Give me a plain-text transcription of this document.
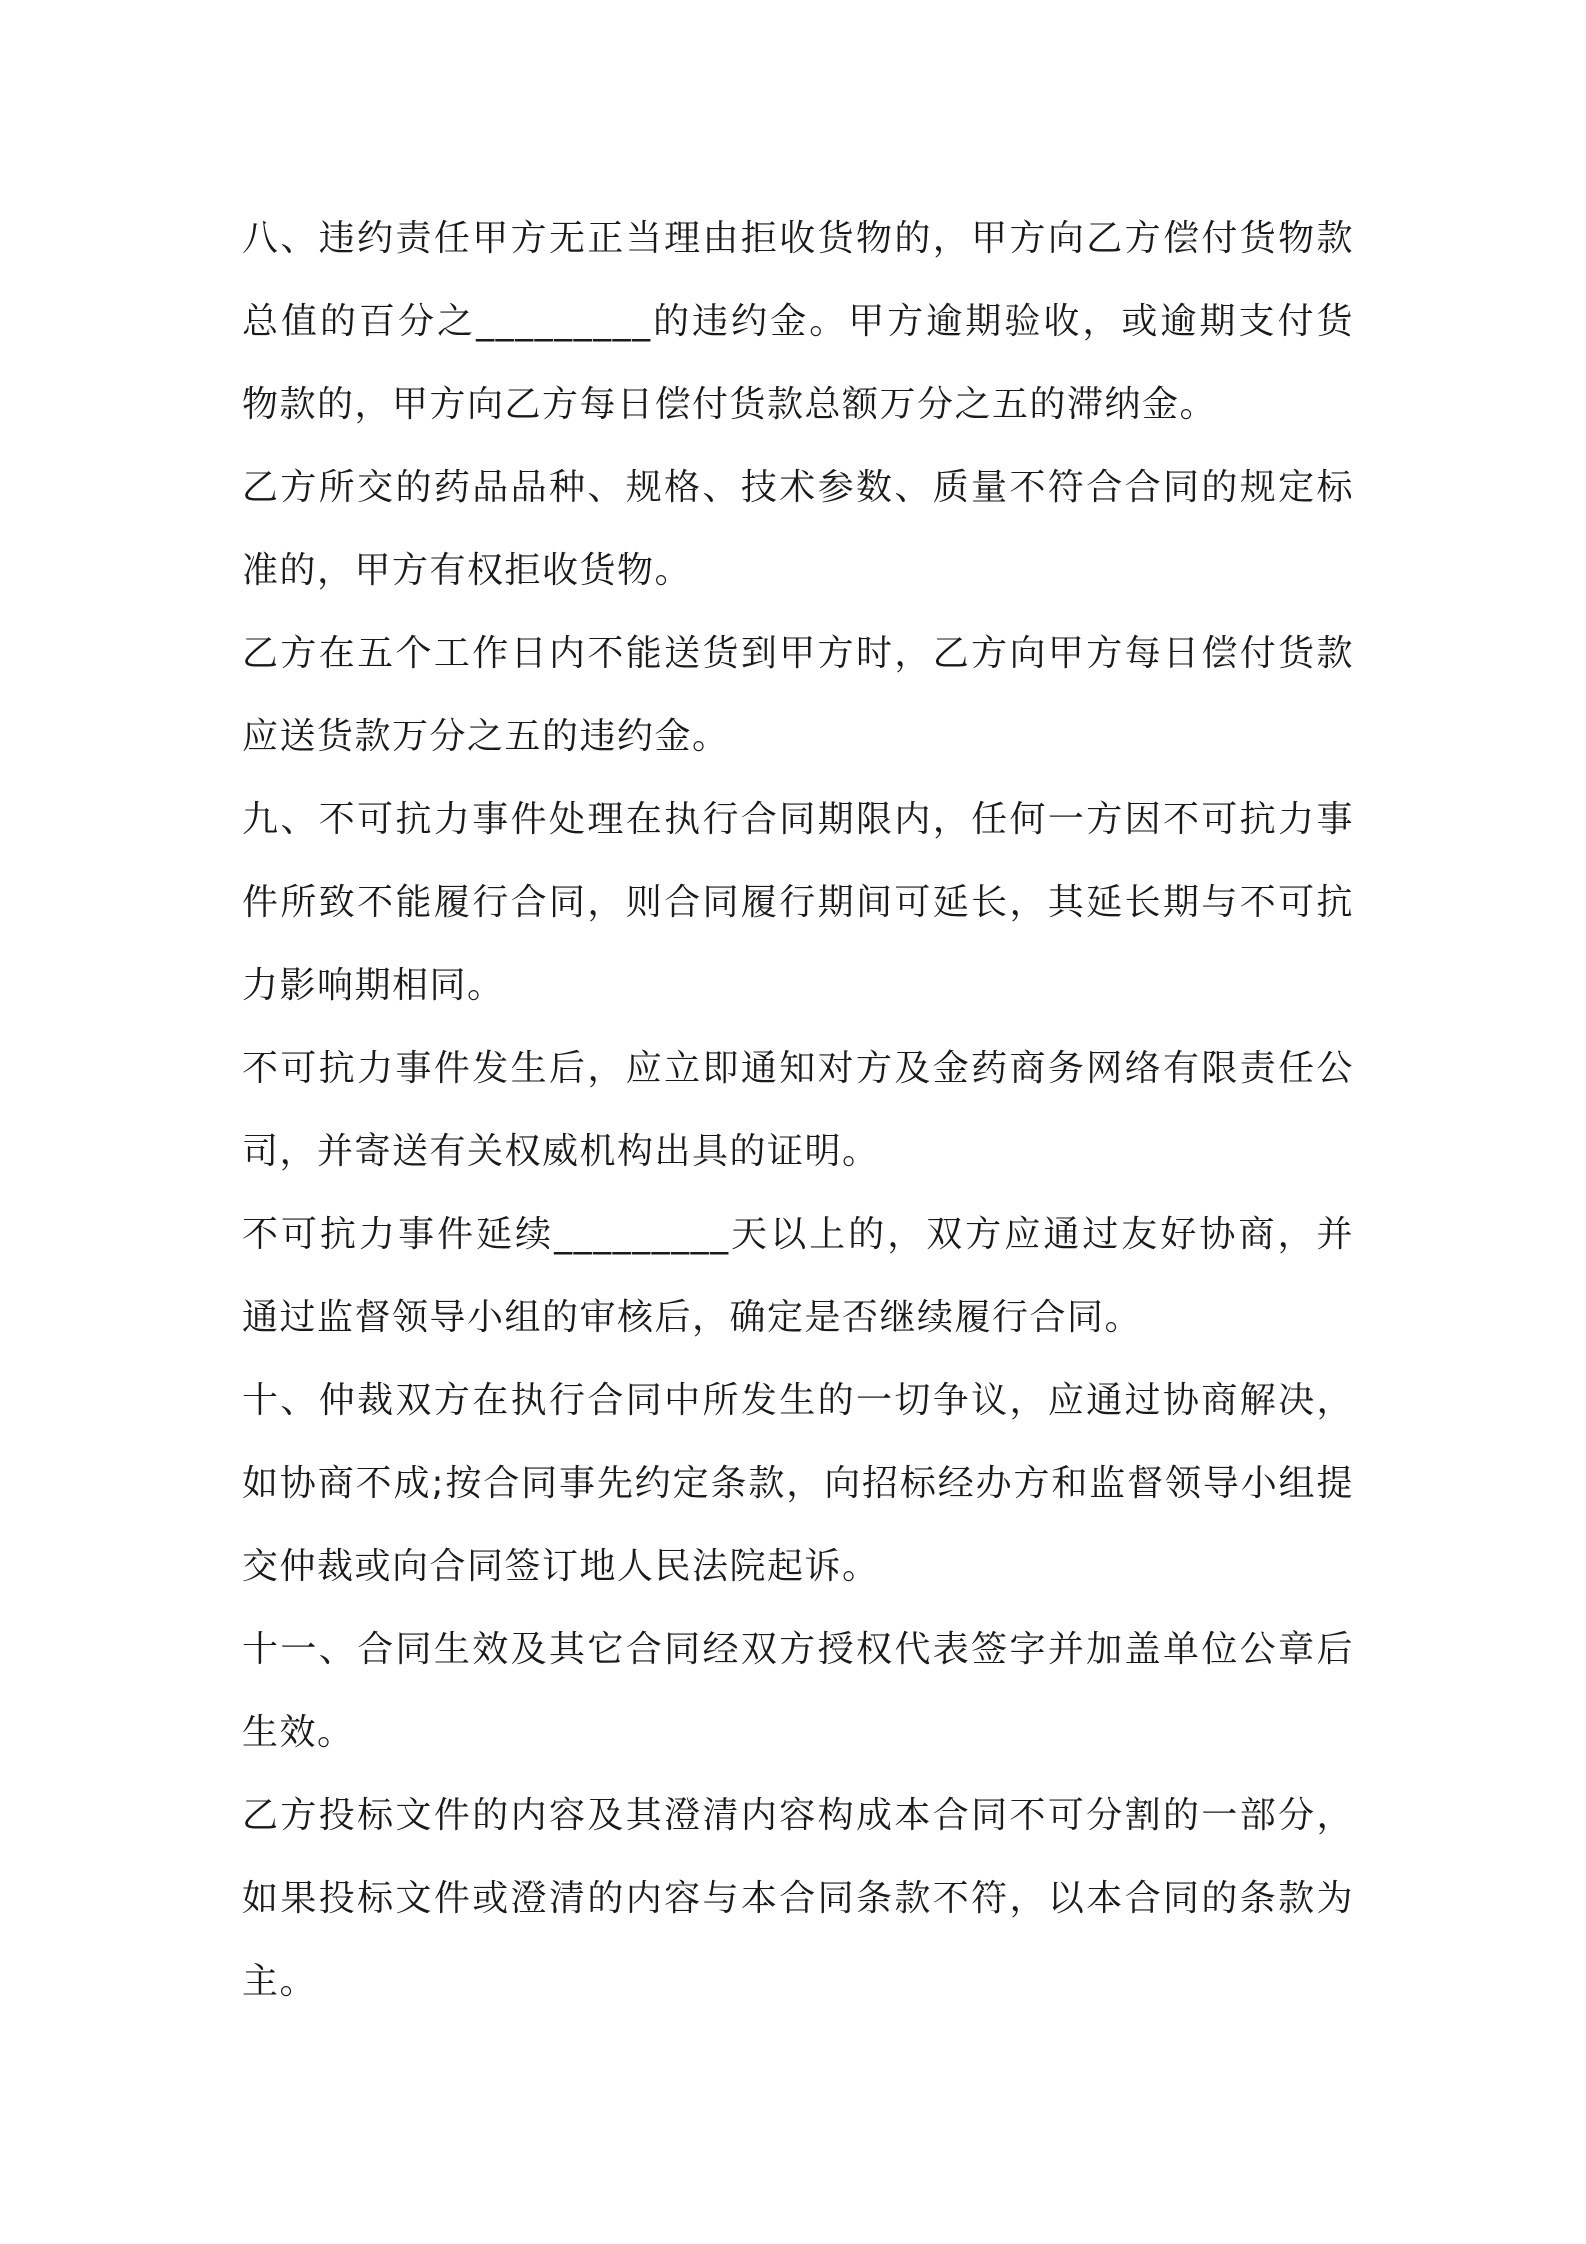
八、违约责任甲方无正当理由拒收货物的，甲方向乙方偿付货物款总值的百分之_________的违约金。甲方逾期验收，或逾期支付货物款的，甲方向乙方每日偿付货款总额万分之五的滞纳金。

乙方所交的药品品种、规格、技术参数、质量不符合合同的规定标准的，甲方有权拒收货物。

乙方在五个工作日内不能送货到甲方时，乙方向甲方每日偿付货款应送货款万分之五的违约金。

九、不可抗力事件处理在执行合同期限内，任何一方因不可抗力事件所致不能履行合同，则合同履行期间可延长，其延长期与不可抗力影响期相同。

不可抗力事件发生后，应立即通知对方及金药商务网络有限责任公司，并寄送有关权威机构出具的证明。

不可抗力事件延续_________天以上的，双方应通过友好协商，并通过监督领导小组的审核后，确定是否继续履行合同。

十、仲裁双方在执行合同中所发生的一切争议，应通过协商解决，如协商不成;按合同事先约定条款，向招标经办方和监督领导小组提交仲裁或向合同签订地人民法院起诉。

十一、合同生效及其它合同经双方授权代表签字并加盖单位公章后生效。

乙方投标文件的内容及其澄清内容构成本合同不可分割的一部分，如果投标文件或澄清的内容与本合同条款不符，以本合同的条款为主。
